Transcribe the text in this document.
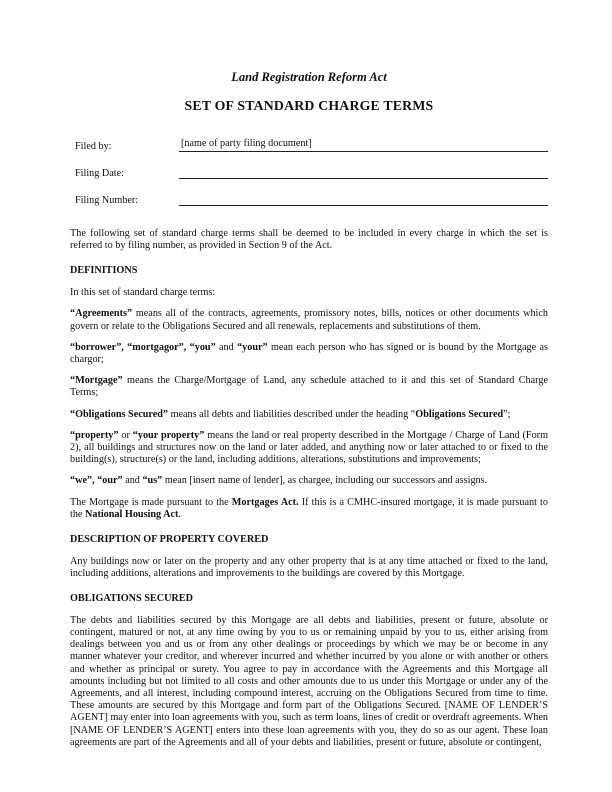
Land Registration Reform Act
SET OF STANDARD CHARGE TERMS
Filed by:	[name of party filing document]
Filing Date:
Filing Number:

The following set of standard charge terms shall be deemed to be included in every charge in which the set is referred to by filing number, as provided in Section 9 of the Act.

DEFINITIONS

In this set of standard charge terms:

“Agreements” means all of the contracts, agreements, promissory notes, bills, notices or other documents which govern or relate to the Obligations Secured and all renewals, replacements and substitutions of them.

“borrower”, “mortgagor”, “you” and “your” mean each person who has signed or is bound by the Mortgage as chargor;

“Mortgage” means the Charge/Mortgage of Land, any schedule attached to it and this set of Standard Charge Terms;

“Obligations Secured” means all debts and liabilities described under the heading “Obligations Secured”;

“property” or “your property” means the land or real property described in the Mortgage / Charge of Land (Form 2), all buildings and structures now on the land or later added, and anything now or later attached to or fixed to the building(s), structure(s) or the land, including additions, alterations, substitutions and improvements;

“we”, “our” and “us” mean [insert name of lender], as chargee, including our successors and assigns.

The Mortgage is made pursuant to the Mortgages Act. If this is a CMHC-insured mortgage, it is made pursuant to the National Housing Act.

DESCRIPTION OF PROPERTY COVERED

Any buildings now or later on the property and any other property that is at any time attached or fixed to the land, including additions, alterations and improvements to the buildings are covered by this Mortgage.

OBLIGATIONS SECURED

The debts and liabilities secured by this Mortgage are all debts and liabilities, present or future, absolute or contingent, matured or not, at any time owing by you to us or remaining unpaid by you to us, either arising from dealings between you and us or from any other dealings or proceedings by which we may be or become in any manner whatever your creditor, and wherever incurred and whether incurred by you alone or with another or others and whether as principal or surety. You agree to pay in accordance with the Agreements and this Mortgage all amounts including but not limited to all costs and other amounts due to us under this Mortgage or under any of the Agreements, and all interest, including compound interest, accruing on the Obligations Secured from time to time. These amounts are secured by this Mortgage and form part of the Obligations Secured. [NAME OF LENDER’S AGENT] may enter into loan agreements with you, such as term loans, lines of credit or overdraft agreements. When [NAME OF LENDER’S AGENT] enters into these loan agreements with you, they do so as our agent. These loan agreements are part of the Agreements and all of your debts and liabilities, present or future, absolute or contingent,
